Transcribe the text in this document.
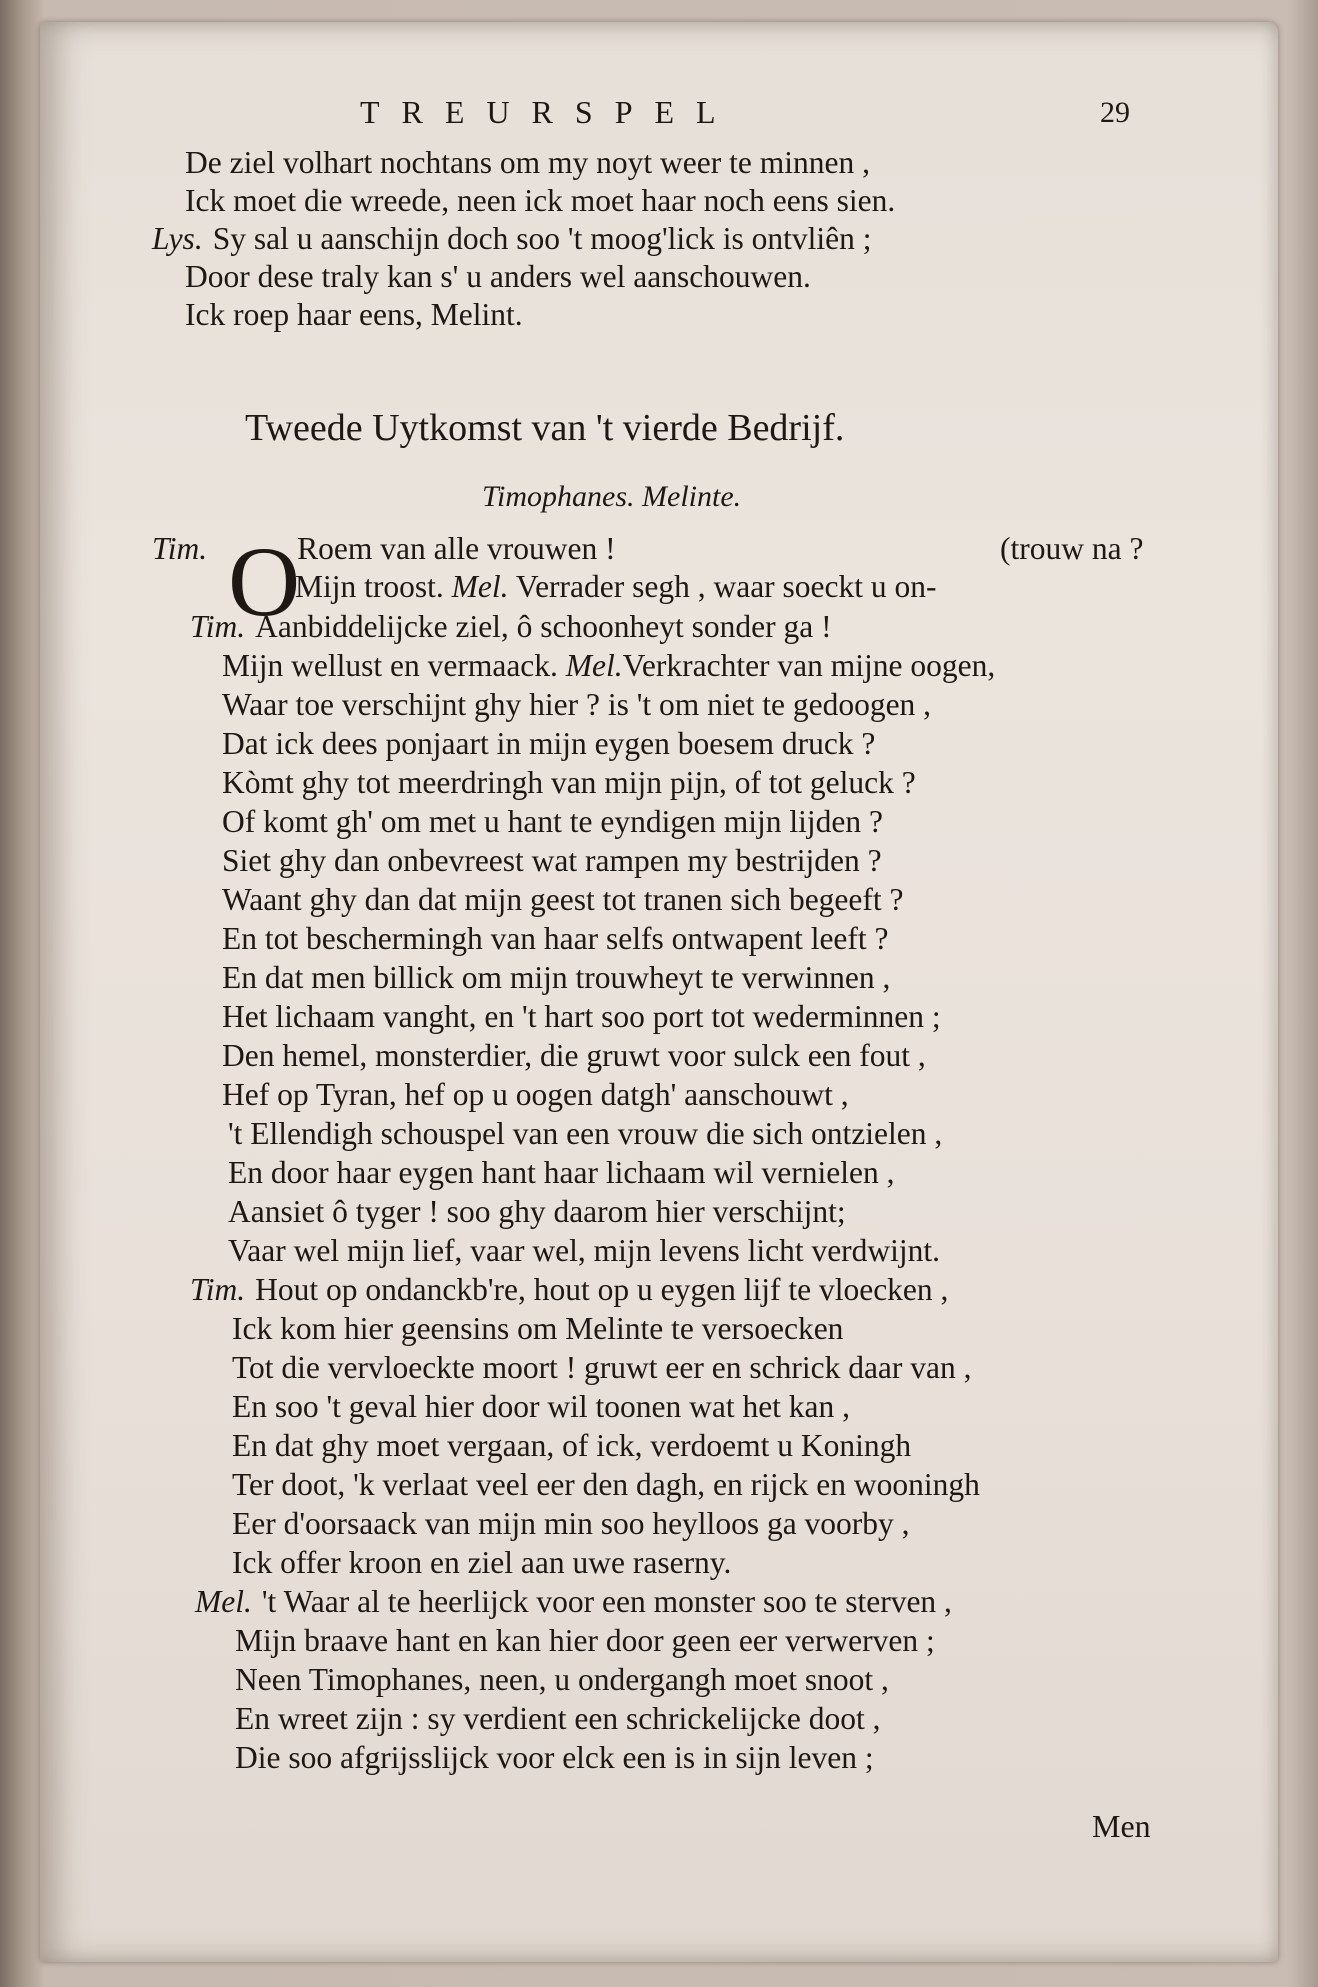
TREURSPEL	29
De ziel volhart nochtans om my noyt weer te minnen ,
Ick moet die wreede, neen ick moet haar noch eens sien.
Lys. Sy sal u aanschijn doch soo 't moog'lick is ontvliên ;
Door dese traly kan s' u anders wel aanschouwen.
Ick roep haar eens, Melint.
Tweede Uytkomst van 't vierde Bedrijf.
Timophanes. Melinte.
O
Tim.	Roem van alle vrouwen !	(trouw na ?
Mijn troost. Mel. Verrader segh , waar soeckt u on-
Tim. Aanbiddelijcke ziel, ô schoonheyt sonder ga !
Mijn wellust en vermaack. Mel.Verkrachter van mijne oogen,
Waar toe verschijnt ghy hier ? is 't om niet te gedoogen ,
Dat ick dees ponjaart in mijn eygen boesem druck ?
Kòmt ghy tot meerdringh van mijn pijn, of tot geluck ?
Of komt gh' om met u hant te eyndigen mijn lijden ?
Siet ghy dan onbevreest wat rampen my bestrijden ?
Waant ghy dan dat mijn geest tot tranen sich begeeft ?
En tot beschermingh van haar selfs ontwapent leeft ?
En dat men billick om mijn trouwheyt te verwinnen ,
Het lichaam vanght, en 't hart soo port tot wederminnen ;
Den hemel, monsterdier, die gruwt voor sulck een fout ,
Hef op Tyran, hef op u oogen datgh' aanschouwt ,
't Ellendigh schouspel van een vrouw die sich ontzielen ,
En door haar eygen hant haar lichaam wil vernielen ,
Aansiet ô tyger ! soo ghy daarom hier verschijnt;
Vaar wel mijn lief, vaar wel, mijn levens licht verdwijnt.
Tim. Hout op ondanckb're, hout op u eygen lijf te vloecken ,
Ick kom hier geensins om Melinte te versoecken
Tot die vervloeckte moort ! gruwt eer en schrick daar van ,
En soo 't geval hier door wil toonen wat het kan ,
En dat ghy moet vergaan, of ick, verdoemt u Koningh
Ter doot, 'k verlaat veel eer den dagh, en rijck en wooningh
Eer d'oorsaack van mijn min soo heylloos ga voorby ,
Ick offer kroon en ziel aan uwe raserny.
Mel. 't Waar al te heerlijck voor een monster soo te sterven ,
Mijn braave hant en kan hier door geen eer verwerven ;
Neen Timophanes, neen, u ondergangh moet snoot ,
En wreet zijn : sy verdient een schrickelijcke doot ,
Die soo afgrijsslijck voor elck een is in sijn leven ;
Men
